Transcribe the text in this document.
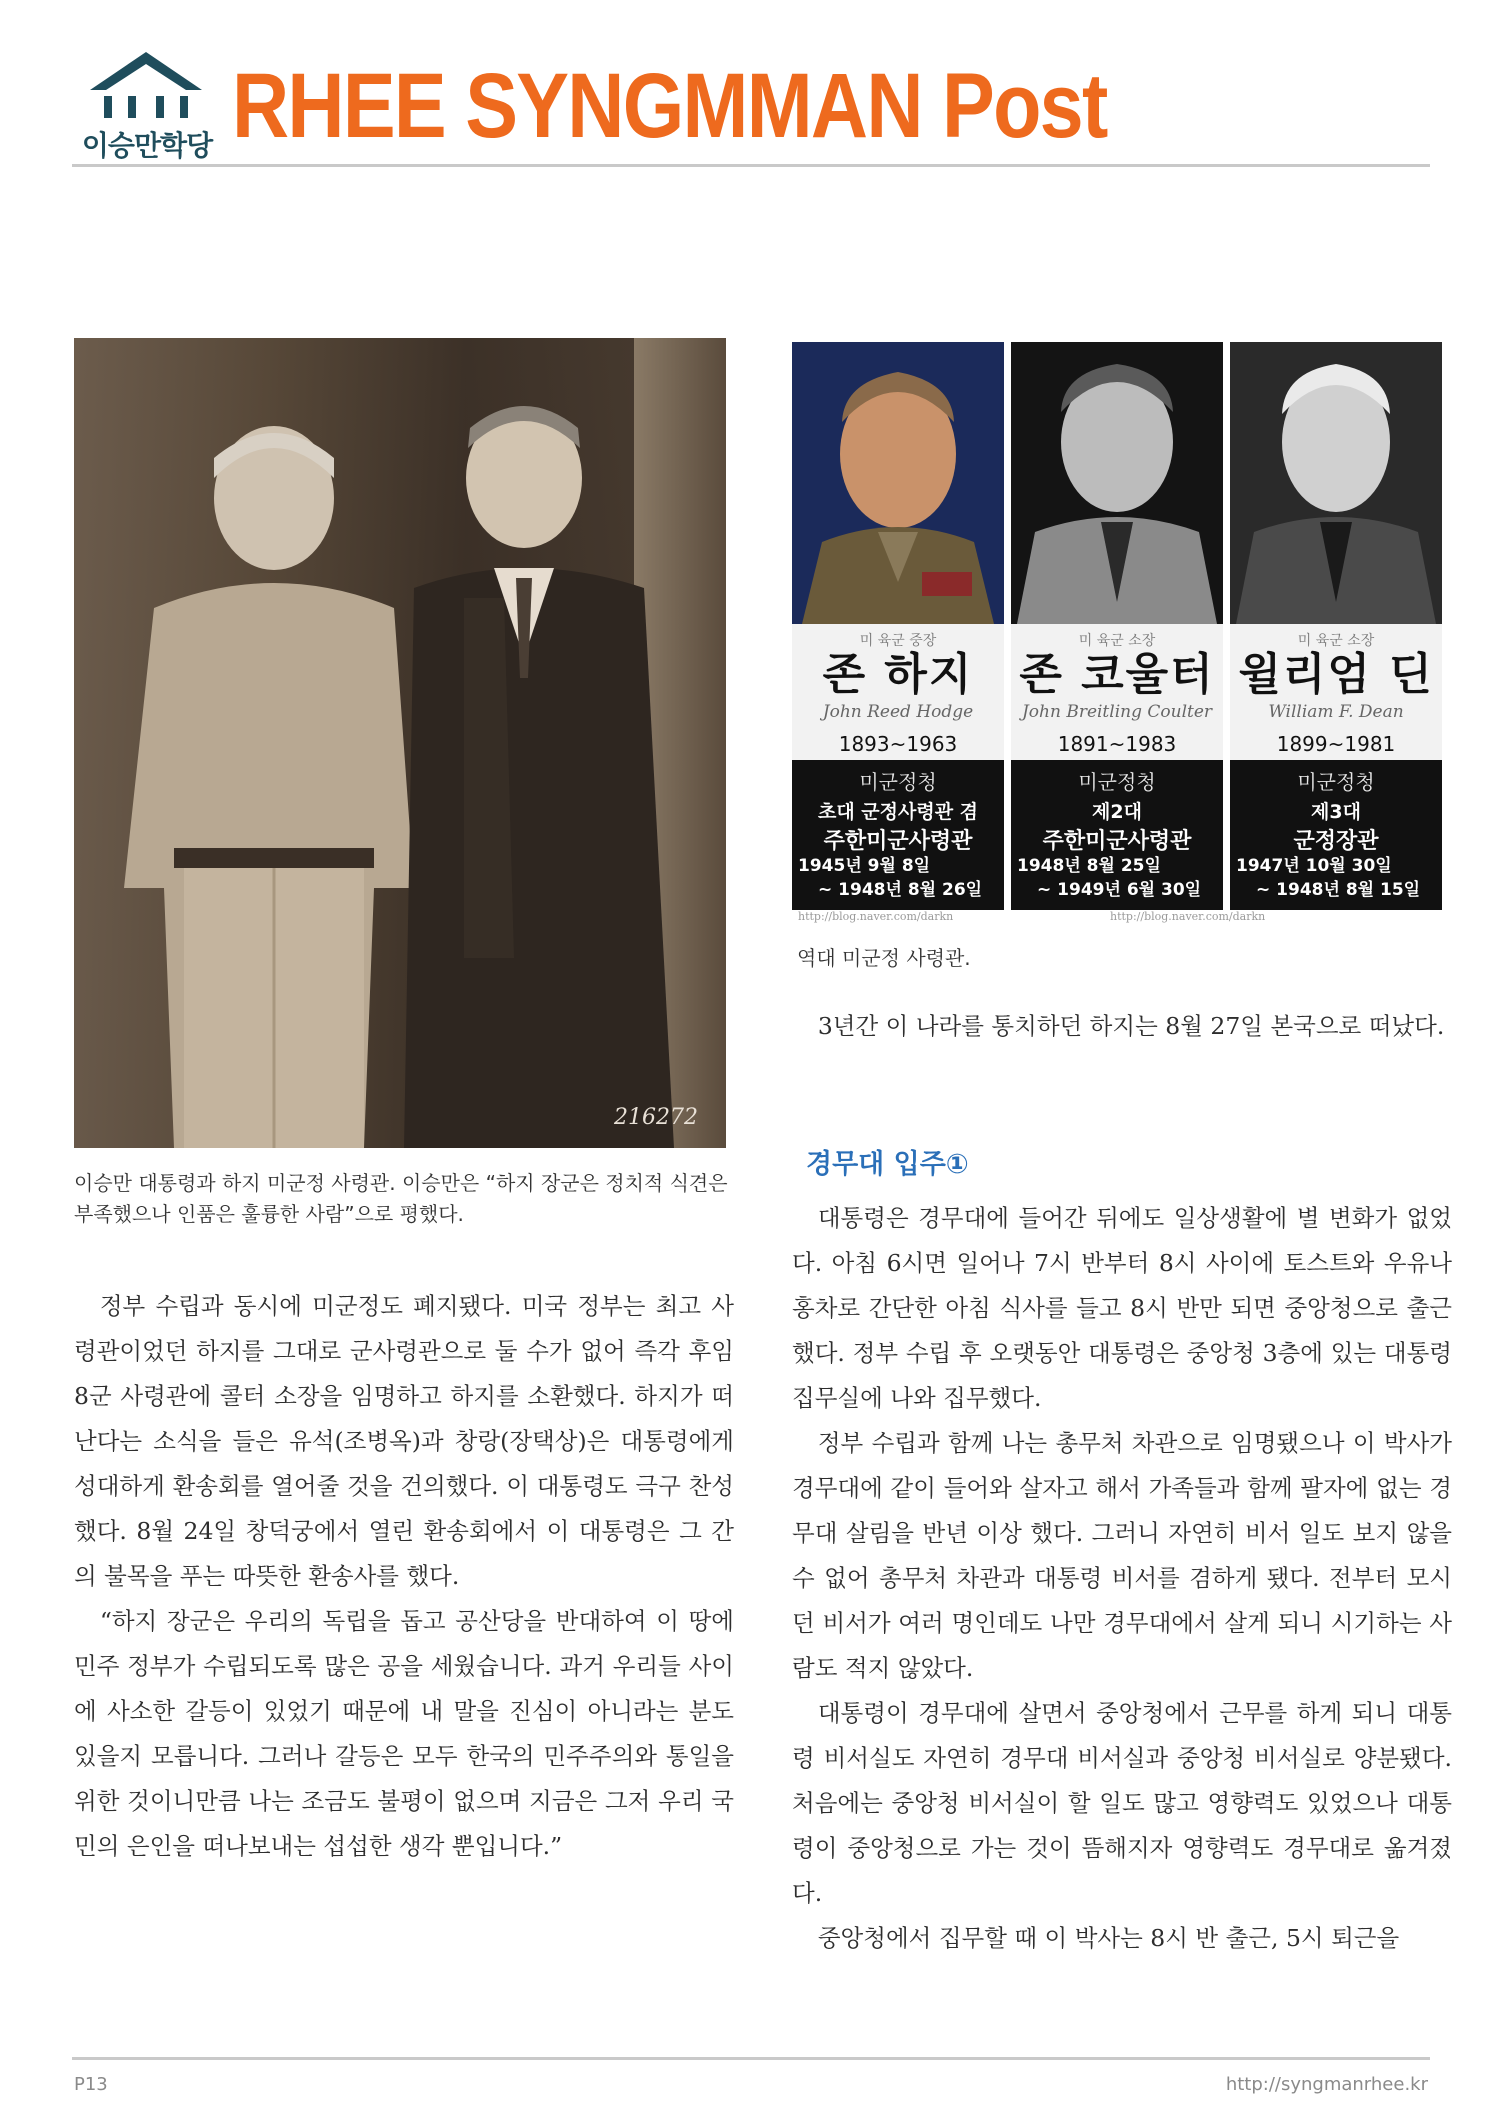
이승만학당 RHEE SYNGMMAN Post
216272
이승만 대통령과 하지 미군정 사령관. 이승만은 “하지 장군은 정치적 식견은 부족했으나 인품은 훌륭한 사람”으로 평했다.
미 육군 중장
존 하지
John Reed Hodge
1893~1963
미 육군 소장
존 코울터
John Breitling Coulter
1891~1983
미 육군 소장
윌리엄 딘
William F. Dean
1899~1981
미군정청
초대 군정사령관 겸
주한미군사령관
1945년 9월 8일
~ 1948년 8월 26일
미군정청
제2대
주한미군사령관
1948년 8월 25일
~ 1949년 6월 30일
미군정청
제3대
군정장관
1947년 10월 30일
~ 1948년 8월 15일
http://blog.naver.com/darkn	http://blog.naver.com/darkn
역대 미군정 사령관.

3년간 이 나라를 통치하던 하지는 8월 27일 본국으로 떠났다.

경무대 입주①

대통령은 경무대에 들어간 뒤에도 일상생활에 별 변화가 없었다. 아침 6시면 일어나 7시 반부터 8시 사이에 토스트와 우유나 홍차로 간단한 아침 식사를 들고 8시 반만 되면 중앙청으로 출근했다. 정부 수립 후 오랫동안 대통령은 중앙청 3층에 있는 대통령 집무실에 나와 집무했다.

정부 수립과 함께 나는 총무처 차관으로 임명됐으나 이 박사가 경무대에 같이 들어와 살자고 해서 가족들과 함께 팔자에 없는 경무대 살림을 반년 이상 했다. 그러니 자연히 비서 일도 보지 않을 수 없어 총무처 차관과 대통령 비서를 겸하게 됐다. 전부터 모시던 비서가 여러 명인데도 나만 경무대에서 살게 되니 시기하는 사람도 적지 않았다.

대통령이 경무대에 살면서 중앙청에서 근무를 하게 되니 대통령 비서실도 자연히 경무대 비서실과 중앙청 비서실로 양분됐다. 처음에는 중앙청 비서실이 할 일도 많고 영향력도 있었으나 대통령이 중앙청으로 가는 것이 뜸해지자 영향력도 경무대로 옮겨졌다.

중앙청에서 집무할 때 이 박사는 8시 반 출근, 5시 퇴근을

정부 수립과 동시에 미군정도 폐지됐다. 미국 정부는 최고 사령관이었던 하지를 그대로 군사령관으로 둘 수가 없어 즉각 후임 8군 사령관에 콜터 소장을 임명하고 하지를 소환했다. 하지가 떠난다는 소식을 들은 유석(조병옥)과 창랑(장택상)은 대통령에게 성대하게 환송회를 열어줄 것을 건의했다. 이 대통령도 극구 찬성했다. 8월 24일 창덕궁에서 열린 환송회에서 이 대통령은 그 간의 불목을 푸는 따뜻한 환송사를 했다.

“하지 장군은 우리의 독립을 돕고 공산당을 반대하여 이 땅에 민주 정부가 수립되도록 많은 공을 세웠습니다. 과거 우리들 사이에 사소한 갈등이 있었기 때문에 내 말을 진심이 아니라는 분도 있을지 모릅니다. 그러나 갈등은 모두 한국의 민주주의와 통일을 위한 것이니만큼 나는 조금도 불평이 없으며 지금은 그저 우리 국민의 은인을 떠나보내는 섭섭한 생각 뿐입니다.”

P13	http://syngmanrhee.kr
